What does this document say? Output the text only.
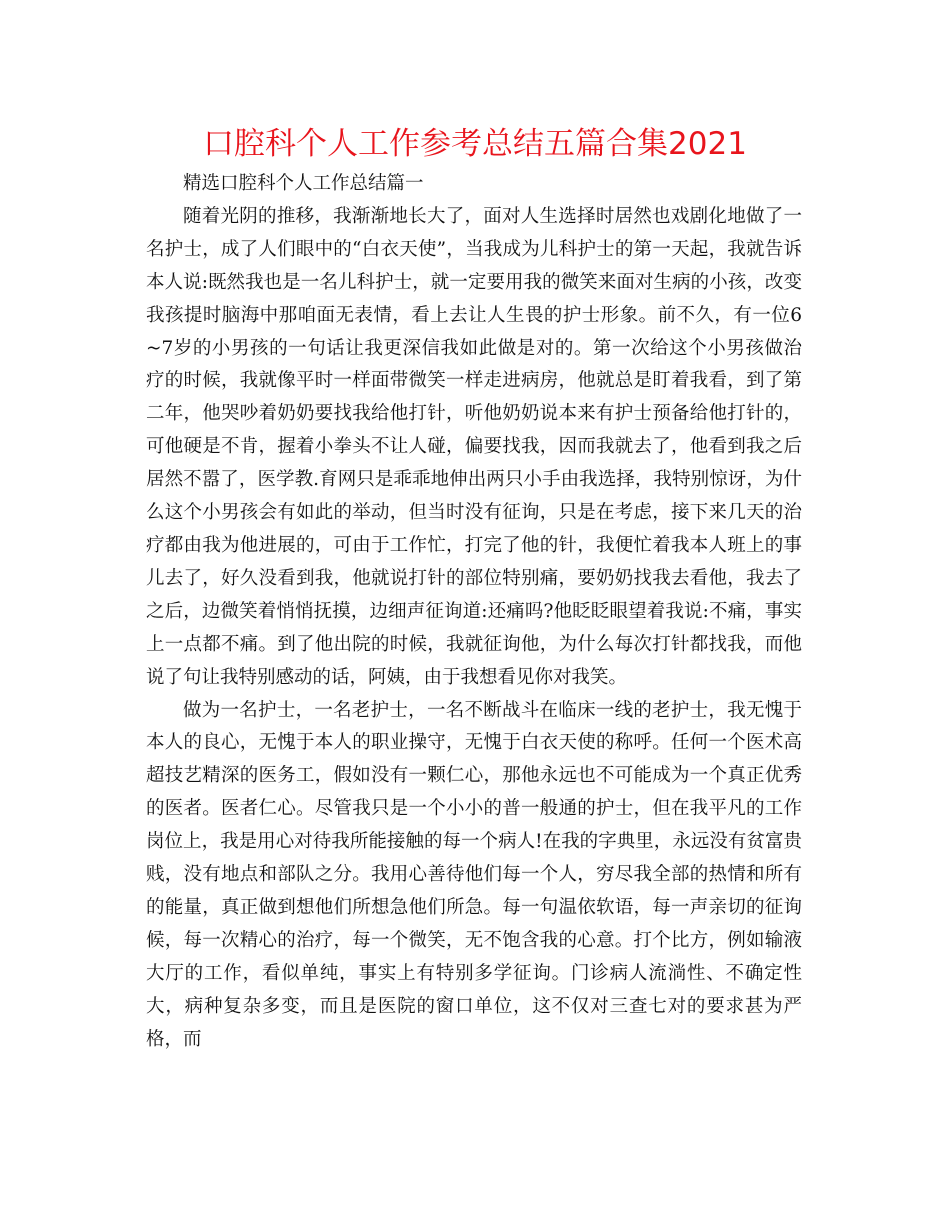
口腔科个人工作参考总结五篇合集2021

精选口腔科个人工作总结篇一

随着光阴的推移，我渐渐地长大了，面对人生选择时居然也戏剧化地做了一名护士，成了人们眼中的“白衣天使”，当我成为儿科护士的第一天起，我就告诉本人说:既然我也是一名儿科护士，就一定要用我的微笑来面对生病的小孩，改变我孩提时脑海中那咱面无表情，看上去让人生畏的护士形象。前不久，有一位6~7岁的小男孩的一句话让我更深信我如此做是对的。第一次给这个小男孩做治疗的时候，我就像平时一样面带微笑一样走进病房，他就总是盯着我看，到了第二年，他哭吵着奶奶要找我给他打针，听他奶奶说本来有护士预备给他打针的，可他硬是不肯，握着小拳头不让人碰，偏要找我，因而我就去了，他看到我之后居然不嚣了，医学教.育网只是乖乖地伸出两只小手由我选择，我特别惊讶，为什么这个小男孩会有如此的举动，但当时没有征询，只是在考虑，接下来几天的治疗都由我为他进展的，可由于工作忙，打完了他的针，我便忙着我本人班上的事儿去了，好久没看到我，他就说打针的部位特别痛，要奶奶找我去看他，我去了之后，边微笑着悄悄抚摸，边细声征询道:还痛吗?他眨眨眼望着我说:不痛，事实上一点都不痛。到了他出院的时候，我就征询他，为什么每次打针都找我，而他说了句让我特别感动的话，阿姨，由于我想看见你对我笑。

做为一名护士，一名老护士，一名不断战斗在临床一线的老护士，我无愧于本人的良心，无愧于本人的职业操守，无愧于白衣天使的称呼。任何一个医术高超技艺精深的医务工，假如没有一颗仁心，那他永远也不可能成为一个真正优秀的医者。医者仁心。尽管我只是一个小小的普一般通的护士，但在我平凡的工作岗位上，我是用心对待我所能接触的每一个病人!在我的字典里，永远没有贫富贵贱，没有地点和部队之分。我用心善待他们每一个人，穷尽我全部的热情和所有的能量，真正做到想他们所想急他们所急。每一句温依软语，每一声亲切的征询候，每一次精心的治疗，每一个微笑，无不饱含我的心意。打个比方，例如输液大厅的工作，看似单纯，事实上有特别多学征询。门诊病人流淌性、不确定性大，病种复杂多变，而且是医院的窗口单位，这不仅对三查七对的要求甚为严格，而
